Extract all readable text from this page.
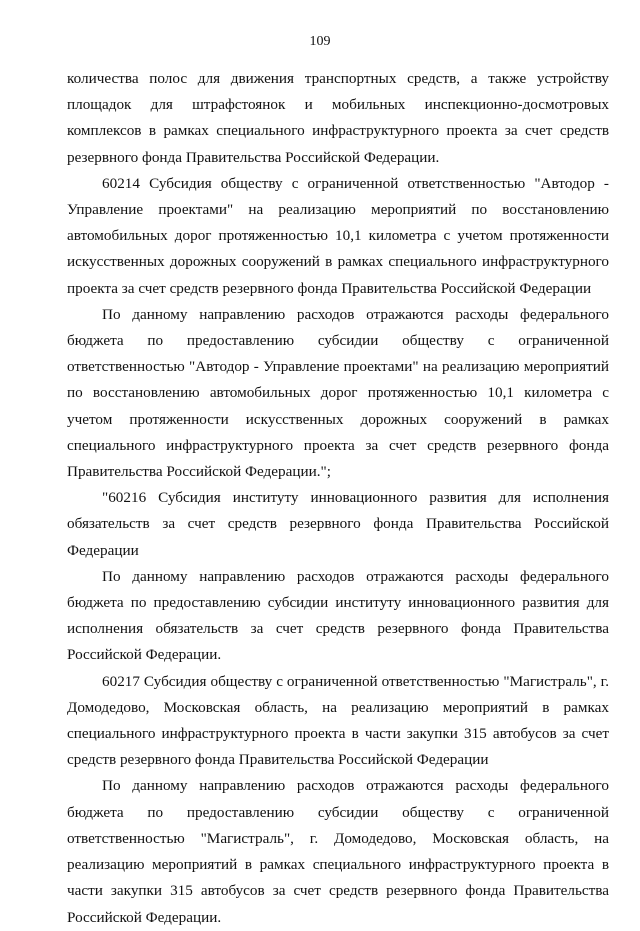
109

количества полос для движения транспортных средств, а также устройству площадок для штрафстоянок и мобильных инспекционно-досмотровых комплексов в рамках специального инфраструктурного проекта за счет средств резервного фонда Правительства Российской Федерации.

60214 Субсидия обществу с ограниченной ответственностью "Автодор - Управление проектами" на реализацию мероприятий по восстановлению автомобильных дорог протяженностью 10,1 километра с учетом протяженности искусственных дорожных сооружений в рамках специального инфраструктурного проекта за счет средств резервного фонда Правительства Российской Федерации

По данному направлению расходов отражаются расходы федерального бюджета по предоставлению субсидии обществу с ограниченной ответственностью "Автодор - Управление проектами" на реализацию мероприятий по восстановлению автомобильных дорог протяженностью 10,1 километра с учетом протяженности искусственных дорожных сооружений в рамках специального инфраструктурного проекта за счет средств резервного фонда Правительства Российской Федерации.";

"60216 Субсидия институту инновационного развития для исполнения обязательств за счет средств резервного фонда Правительства Российской Федерации

По данному направлению расходов отражаются расходы федерального бюджета по предоставлению субсидии институту инновационного развития для исполнения обязательств за счет средств резервного фонда Правительства Российской Федерации.

60217 Субсидия обществу с ограниченной ответственностью "Магистраль", г. Домодедово, Московская область, на реализацию мероприятий в рамках специального инфраструктурного проекта в части закупки 315 автобусов за счет средств резервного фонда Правительства Российской Федерации

По данному направлению расходов отражаются расходы федерального бюджета по предоставлению субсидии обществу с ограниченной ответственностью "Магистраль", г. Домодедово, Московская область, на реализацию мероприятий в рамках специального инфраструктурного проекта в части закупки 315 автобусов за счет средств резервного фонда Правительства Российской Федерации.
